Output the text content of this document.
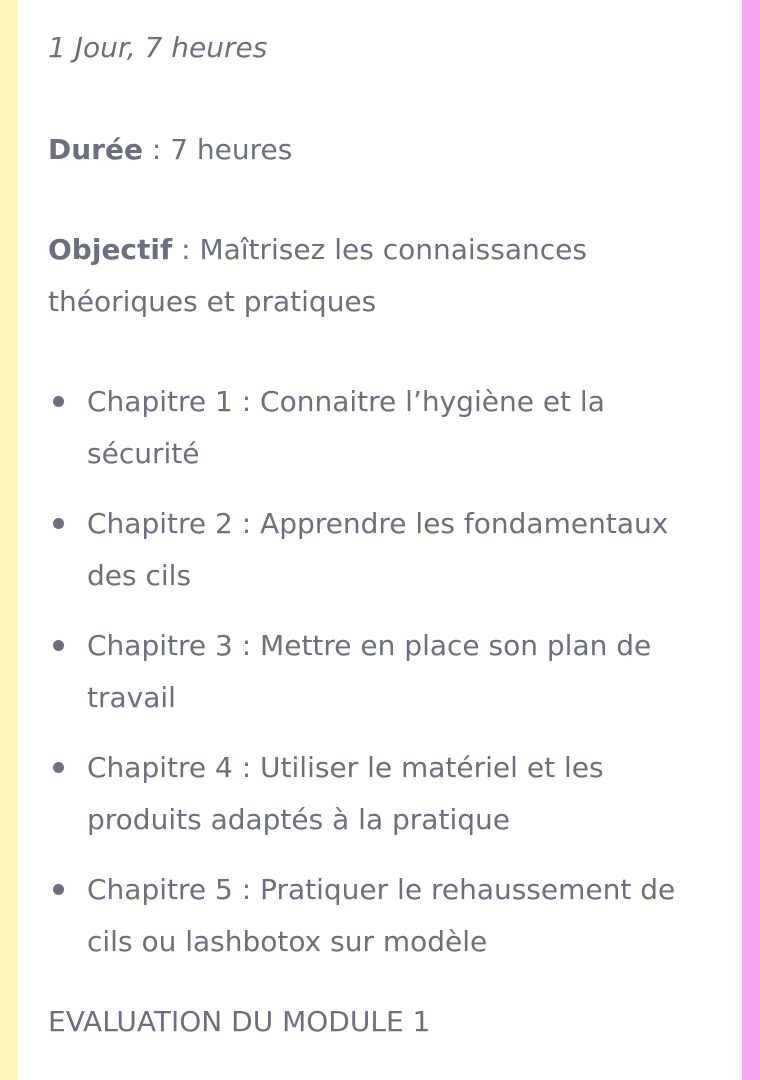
1 Jour, 7 heures
Durée : 7 heures
Objectif : Maîtrisez les connaissances théoriques et pratiques
Chapitre 1 : Connaitre l’hygiène et la sécurité
Chapitre 2 : Apprendre les fondamentaux des cils
Chapitre 3 : Mettre en place son plan de travail
Chapitre 4 : Utiliser le matériel et les produits adaptés à la pratique
Chapitre 5 : Pratiquer le rehaussement de cils ou lashbotox sur modèle
EVALUATION DU MODULE 1
